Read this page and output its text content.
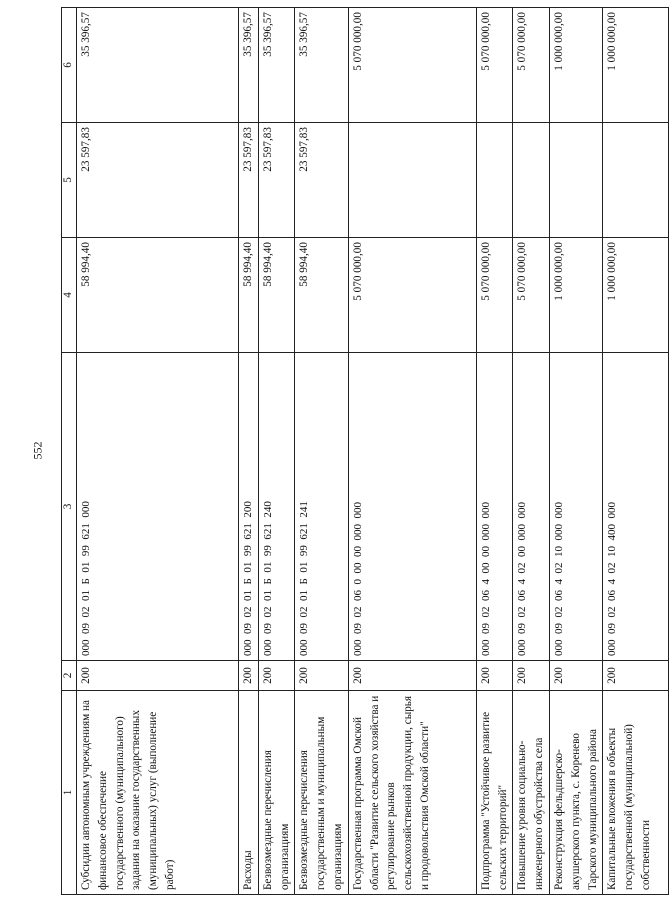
552
1	2	3	4	5	6
Субсидии автономным учреждениям на финансовое обеспечение государственного (муниципального) задания на оказание государственных (муниципальных) услуг (выполнение работ)	200	000  09  02  01  Б  01  99  621  000	58 994,40	23 597,83	35 396,57
Расходы	200	000  09  02  01  Б  01  99  621  200	58 994,40	23 597,83	35 396,57
Безвозмездные перечисления организациям	200	000  09  02  01  Б  01  99  621  240	58 994,40	23 597,83	35 396,57
Безвозмездные перечисления государственным и муниципальным организациям	200	000  09  02  01  Б  01  99  621  241	58 994,40	23 597,83	35 396,57
Государственная программа Омской области "Развитие сельского хозяйства и регулирование рынков сельскохозяйственной продукции, сырья и продовольствия Омской области"	200	000  09  02  06  0  00  00  000  000	5 070 000,00		5 070 000,00
Подпрограмма "Устойчивое развитие сельских территорий"	200	000  09  02  06  4  00  00  000  000	5 070 000,00		5 070 000,00
Повышение уровня социально-инженерного обустройства села	200	000  09  02  06  4  02  00  000  000	5 070 000,00		5 070 000,00
Реконструкция фельдшерско-акушерского пункта, с. Коренево Тарского муниципального района	200	000  09  02  06  4  02  10  000  000	1 000 000,00		1 000 000,00
Капитальные вложения в объекты государственной (муниципальной) собственности	200	000  09  02  06  4  02  10  400  000	1 000 000,00		1 000 000,00
